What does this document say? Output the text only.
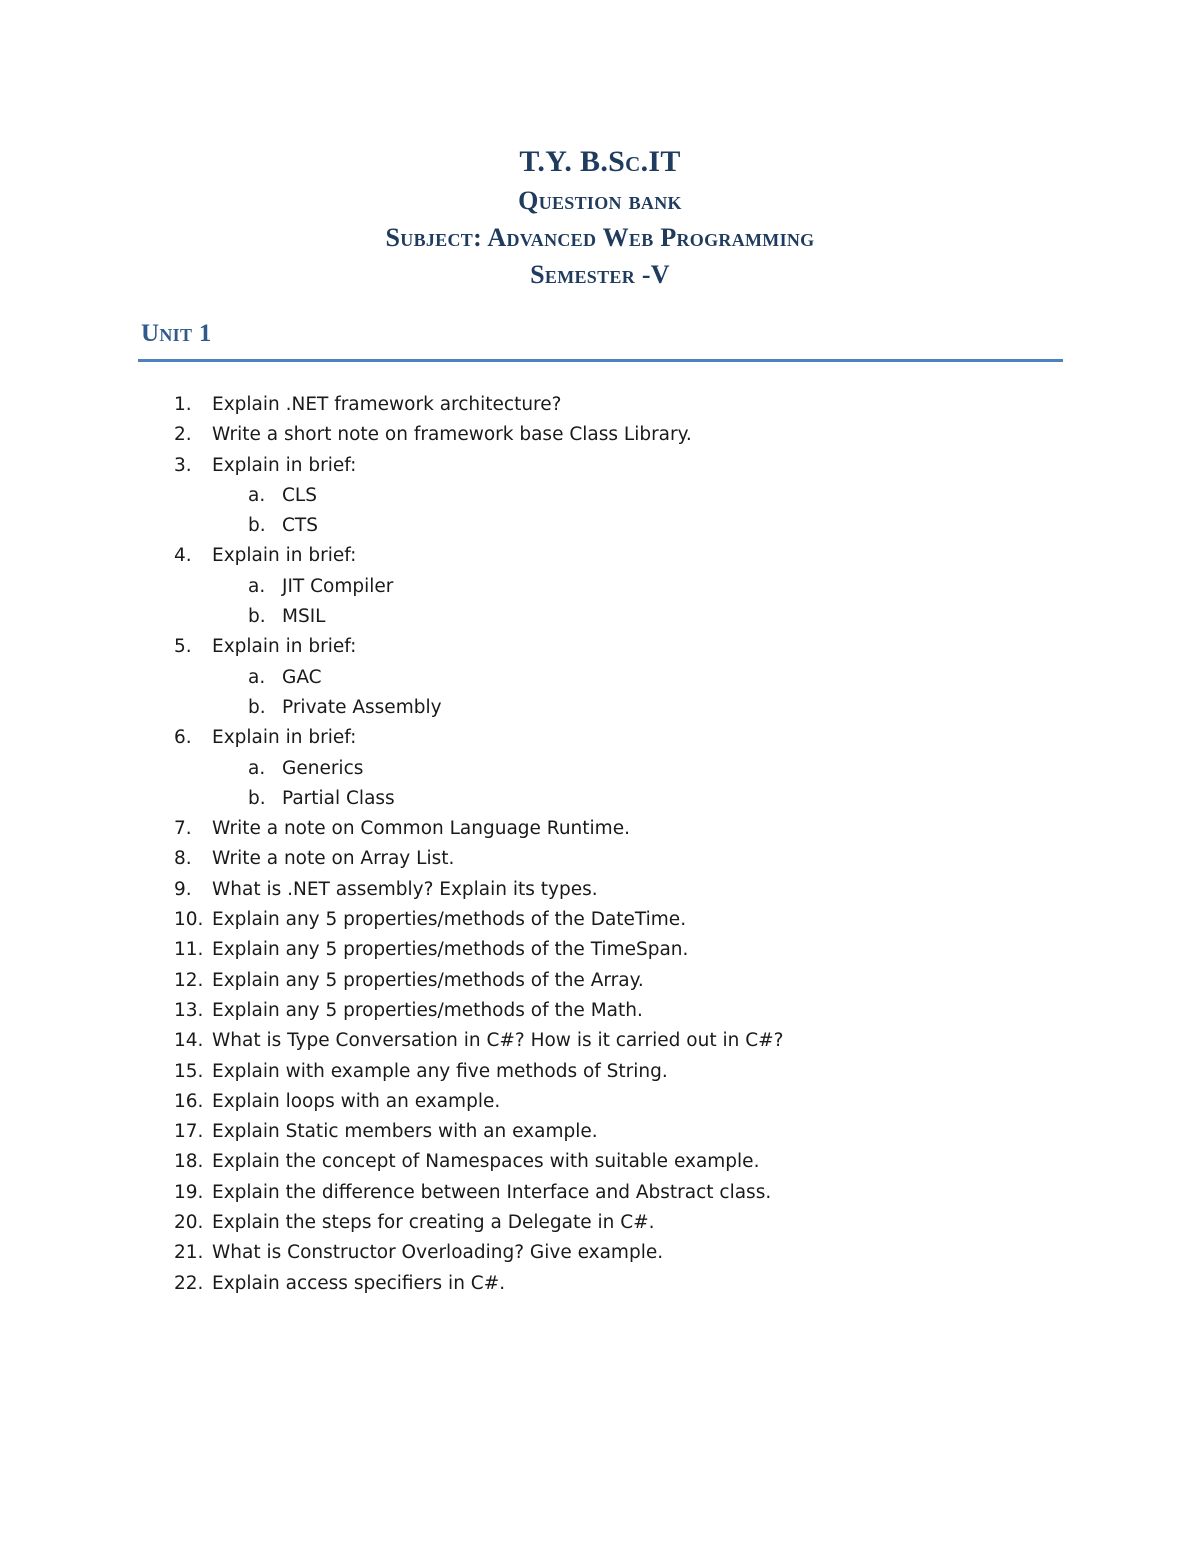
T.Y. B.Sc.IT
Question bank
Subject: Advanced Web Programming
Semester -V
Unit 1
1.	Explain .NET framework architecture?
2.	Write a short note on framework base Class Library.
3.	Explain in brief:
a. CLS
b. CTS
4.	Explain in brief:
a. JIT Compiler
b. MSIL
5.	Explain in brief:
a. GAC
b. Private Assembly
6.	Explain in brief:
a. Generics
b. Partial Class
7.	Write a note on Common Language Runtime.
8.	Write a note on Array List.
9.	What is .NET assembly? Explain its types.
10. Explain any 5 properties/methods of the DateTime.
11. Explain any 5 properties/methods of the TimeSpan.
12. Explain any 5 properties/methods of the Array.
13. Explain any 5 properties/methods of the Math.
14. What is Type Conversation in C#? How is it carried out in C#?
15. Explain with example any five methods of String.
16. Explain loops with an example.
17. Explain Static members with an example.
18. Explain the concept of Namespaces with suitable example.
19. Explain the difference between Interface and Abstract class.
20. Explain the steps for creating a Delegate in C#.
21. What is Constructor Overloading? Give example.
22. Explain access specifiers in C#.
